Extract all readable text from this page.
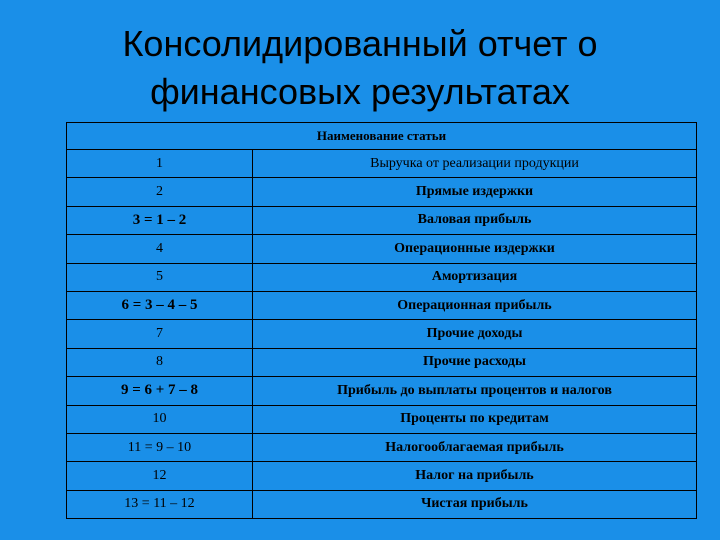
Консолидированный отчет о
финансовых результатах
Наименование статьи	
1	Выручка от реализации продукции
2	Прямые издержки
3 = 1 – 2	Валовая прибыль
4	Операционные издержки
5	Амортизация
6 = 3 – 4 – 5	Операционная прибыль
7	Прочие доходы
8	Прочие расходы
9 = 6 + 7 – 8	Прибыль до выплаты процентов и налогов
10	Проценты по кредитам
11 = 9 – 10	Налогооблагаемая прибыль
12	Налог на прибыль
13 = 11 – 12	Чистая прибыль
